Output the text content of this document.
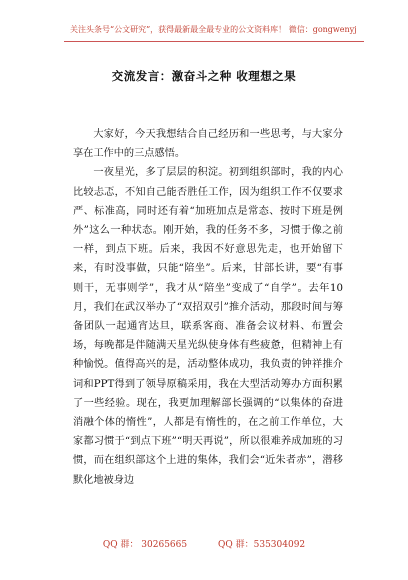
关注头条号“公文研究”，获得最新最全最专业的公文资料库！ 微信：gongwenyj
交流发言：激奋斗之种 收理想之果

大家好，今天我想结合自己经历和一些思考，与大家分享在工作中的三点感悟。

一夜星光，多了层层的积淀。初到组织部时，我的内心比较忐忑，不知自己能否胜任工作，因为组织工作不仅要求严、标准高，同时还有着“加班加点是常态、按时下班是例外”这么一种状态。刚开始，我的任务不多，习惯于像之前一样，到点下班。后来，我因不好意思先走，也开始留下来，有时没事做，只能“陪坐”。后来，甘部长讲，要“有事则干，无事则学”，我才从“陪坐”变成了“自学”。去年10月，我们在武汉举办了“双招双引”推介活动，那段时间与筹备团队一起通宵达旦，联系客商、准备会议材料、布置会场，每晚都是伴随满天星光纵使身体有些疲惫，但精神上有种愉悦。值得高兴的是，活动整体成功，我负责的钟祥推介词和PPT得到了领导原稿采用，我在大型活动筹办方面积累了一些经验。现在，我更加理解部长强调的“以集体的奋进消融个体的惰性”，人都是有惰性的，在之前工作单位，大家都习惯于“到点下班”“明天再说”，所以很难养成加班的习惯，而在组织部这个上进的集体，我们会“近朱者赤”，潜移默化地被身边

QQ 群： 30265665	QQ 群：535304092
